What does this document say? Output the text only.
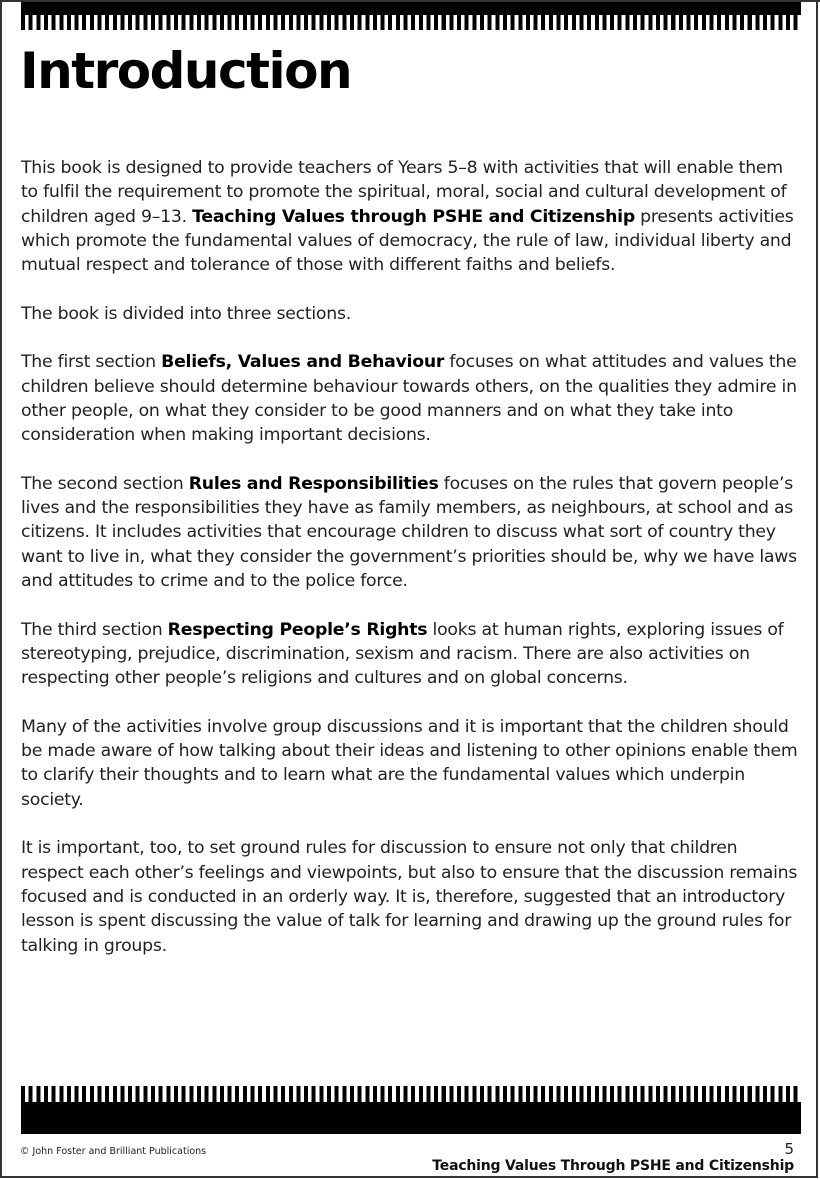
Introduction

This book is designed to provide teachers of Years 5–8 with activities that will enable them to fulfil the requirement to promote the spiritual, moral, social and cultural development of children aged 9–13. Teaching Values through PSHE and Citizenship presents activities which promote the fundamental values of democracy, the rule of law, individual liberty and mutual respect and tolerance of those with different faiths and beliefs.

The book is divided into three sections.

The first section Beliefs, Values and Behaviour focuses on what attitudes and values the children believe should determine behaviour towards others, on the qualities they admire in other people, on what they consider to be good manners and on what they take into consideration when making important decisions.

The second section Rules and Responsibilities focuses on the rules that govern people’s lives and the responsibilities they have as family members, as neighbours, at school and as citizens. It includes activities that encourage children to discuss what sort of country they want to live in, what they consider the government’s priorities should be, why we have laws and attitudes to crime and to the police force.

The third section Respecting People’s Rights looks at human rights, exploring issues of stereotyping, prejudice, discrimination, sexism and racism. There are also activities on respecting other people’s religions and cultures and on global concerns.

Many of the activities involve group discussions and it is important that the children should be made aware of how talking about their ideas and listening to other opinions enable them to clarify their thoughts and to learn what are the fundamental values which underpin society.

It is important, too, to set ground rules for discussion to ensure not only that children respect each other’s feelings and viewpoints, but also to ensure that the discussion remains focused and is conducted in an orderly way. It is, therefore, suggested that an introductory lesson is spent discussing the value of talk for learning and drawing up the ground rules for talking in groups.

© John Foster and Brilliant Publications	5
Teaching Values Through PSHE and Citizenship
